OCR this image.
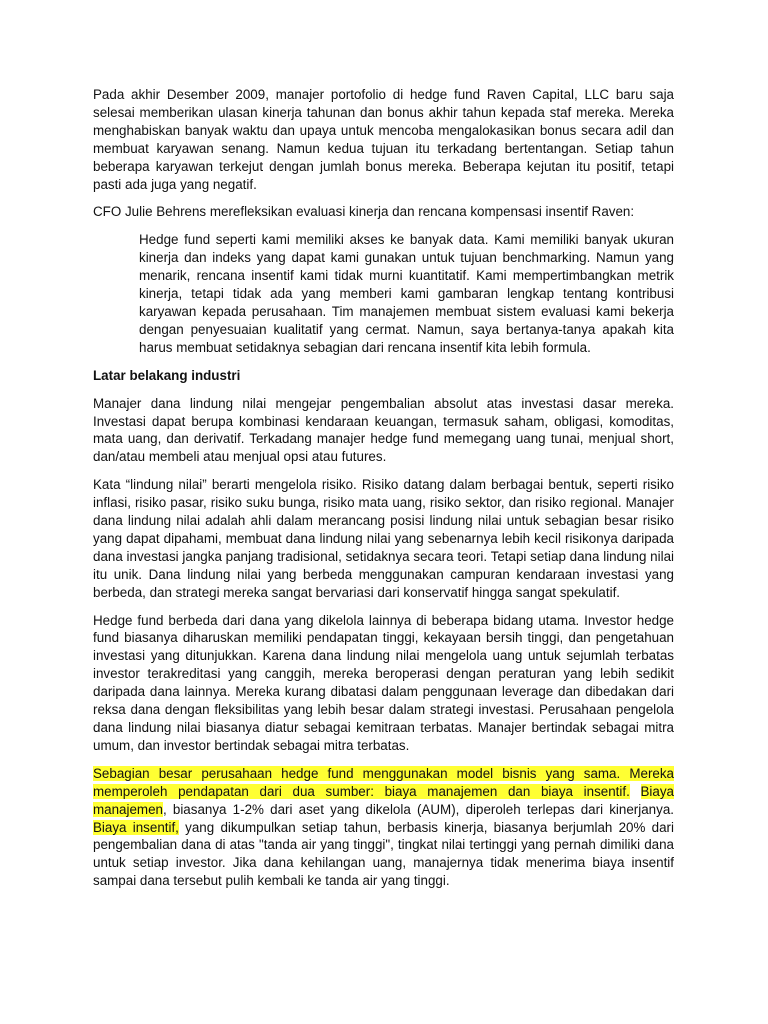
Pada akhir Desember 2009, manajer portofolio di hedge fund Raven Capital, LLC baru saja selesai memberikan ulasan kinerja tahunan dan bonus akhir tahun kepada staf mereka. Mereka menghabiskan banyak waktu dan upaya untuk mencoba mengalokasikan bonus secara adil dan membuat karyawan senang. Namun kedua tujuan itu terkadang bertentangan. Setiap tahun beberapa karyawan terkejut dengan jumlah bonus mereka. Beberapa kejutan itu positif, tetapi pasti ada juga yang negatif.

CFO Julie Behrens merefleksikan evaluasi kinerja dan rencana kompensasi insentif Raven:

Hedge fund seperti kami memiliki akses ke banyak data. Kami memiliki banyak ukuran kinerja dan indeks yang dapat kami gunakan untuk tujuan benchmarking. Namun yang menarik, rencana insentif kami tidak murni kuantitatif. Kami mempertimbangkan metrik kinerja, tetapi tidak ada yang memberi kami gambaran lengkap tentang kontribusi karyawan kepada perusahaan. Tim manajemen membuat sistem evaluasi kami bekerja dengan penyesuaian kualitatif yang cermat. Namun, saya bertanya-tanya apakah kita harus membuat setidaknya sebagian dari rencana insentif kita lebih formula.

Latar belakang industri

Manajer dana lindung nilai mengejar pengembalian absolut atas investasi dasar mereka. Investasi dapat berupa kombinasi kendaraan keuangan, termasuk saham, obligasi, komoditas, mata uang, dan derivatif. Terkadang manajer hedge fund memegang uang tunai, menjual short, dan/atau membeli atau menjual opsi atau futures.

Kata “lindung nilai” berarti mengelola risiko. Risiko datang dalam berbagai bentuk, seperti risiko inflasi, risiko pasar, risiko suku bunga, risiko mata uang, risiko sektor, dan risiko regional. Manajer dana lindung nilai adalah ahli dalam merancang posisi lindung nilai untuk sebagian besar risiko yang dapat dipahami, membuat dana lindung nilai yang sebenarnya lebih kecil risikonya daripada dana investasi jangka panjang tradisional, setidaknya secara teori. Tetapi setiap dana lindung nilai itu unik. Dana lindung nilai yang berbeda menggunakan campuran kendaraan investasi yang berbeda, dan strategi mereka sangat bervariasi dari konservatif hingga sangat spekulatif.

Hedge fund berbeda dari dana yang dikelola lainnya di beberapa bidang utama. Investor hedge fund biasanya diharuskan memiliki pendapatan tinggi, kekayaan bersih tinggi, dan pengetahuan investasi yang ditunjukkan. Karena dana lindung nilai mengelola uang untuk sejumlah terbatas investor terakreditasi yang canggih, mereka beroperasi dengan peraturan yang lebih sedikit daripada dana lainnya. Mereka kurang dibatasi dalam penggunaan leverage dan dibedakan dari reksa dana dengan fleksibilitas yang lebih besar dalam strategi investasi. Perusahaan pengelola dana lindung nilai biasanya diatur sebagai kemitraan terbatas. Manajer bertindak sebagai mitra umum, dan investor bertindak sebagai mitra terbatas.

Sebagian besar perusahaan hedge fund menggunakan model bisnis yang sama. Mereka memperoleh pendapatan dari dua sumber: biaya manajemen dan biaya insentif. Biaya manajemen, biasanya 1-2% dari aset yang dikelola (AUM), diperoleh terlepas dari kinerjanya. Biaya insentif, yang dikumpulkan setiap tahun, berbasis kinerja, biasanya berjumlah 20% dari pengembalian dana di atas "tanda air yang tinggi", tingkat nilai tertinggi yang pernah dimiliki dana untuk setiap investor. Jika dana kehilangan uang, manajernya tidak menerima biaya insentif sampai dana tersebut pulih kembali ke tanda air yang tinggi.
